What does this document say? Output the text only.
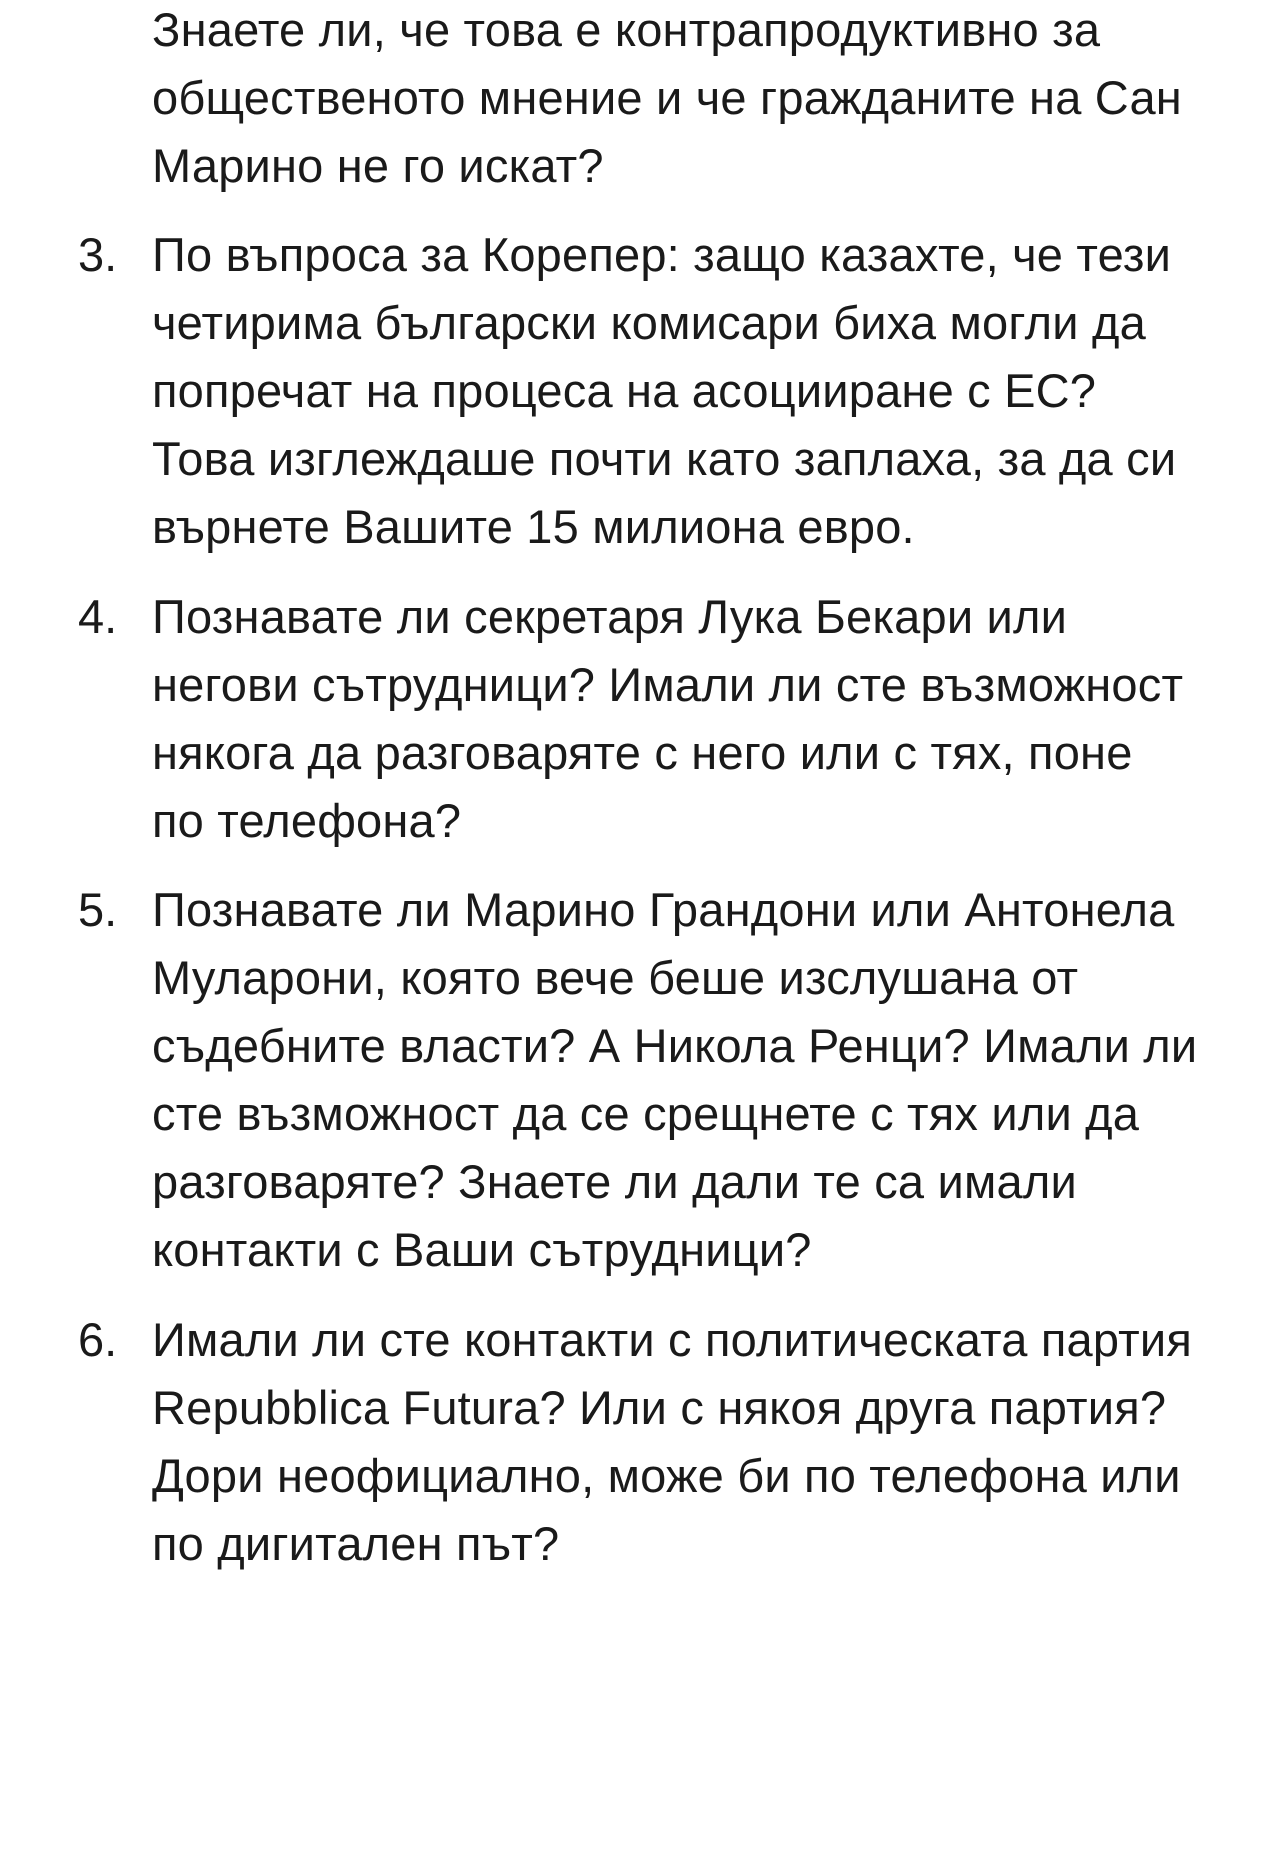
Знаете ли, че това е контрапродуктивно за
общественото мнение и че гражданите на Сан
Марино не го искат?
3. По въпроса за Корепер: защо казахте, че тези
четирима български комисари биха могли да
попречат на процеса на асоцииране с ЕС?
Това изглеждаше почти като заплаха, за да си
върнете Вашите 15 милиона евро.
4. Познавате ли секретаря Лука Бекари или
негови сътрудници? Имали ли сте възможност
някога да разговаряте с него или с тях, поне
по телефона?
5. Познавате ли Марино Грандони или Антонела
Муларони, която вече беше изслушана от
съдебните власти? А Никола Ренци? Имали ли
сте възможност да се срещнете с тях или да
разговаряте? Знаете ли дали те са имали
контакти с Ваши сътрудници?
6. Имали ли сте контакти с политическата партия
Repubblica Futura? Или с някоя друга партия?
Дори неофициално, може би по телефона или
по дигитален път?
